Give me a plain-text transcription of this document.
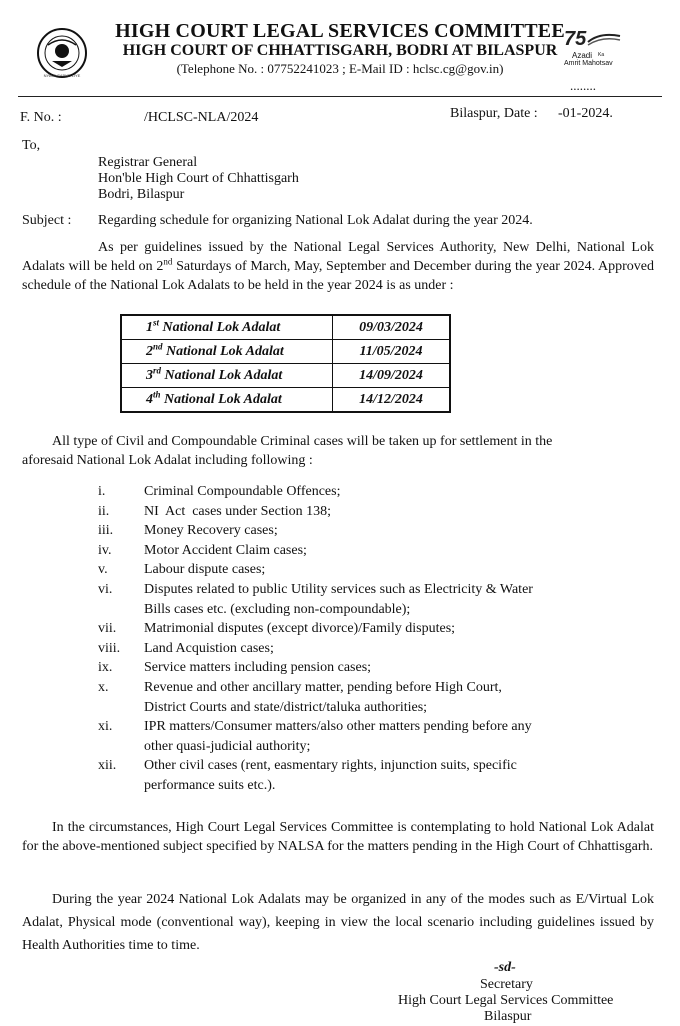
NYAYA SABKE LIYE
HIGH COURT LEGAL SERVICES COMMITTEE
HIGH COURT OF CHHATTISGARH, BODRI AT BILASPUR
(Telephone No. : 07752241023 ; E-Mail ID : hclsc.cg@gov.in)
75
Azadi Ka
Amrit Mahotsav
........
F. No. :	/HCLSC-NLA/2024	Bilaspur, Date : -01-2024.
To,
Registrar General
Hon'ble High Court of Chhattisgarh
Bodri, Bilaspur
Subject : Regarding schedule for organizing National Lok Adalat during the year 2024.
As per guidelines issued by the National Legal Services Authority, New Delhi, National Lok Adalats will be held on 2nd Saturdays of March, May, September and December during the year 2024. Approved schedule of the National Lok Adalats to be held in the year 2024 is as under :
1st National Lok Adalat	09/03/2024
2nd National Lok Adalat	11/05/2024
3rd National Lok Adalat	14/09/2024
4th National Lok Adalat	14/12/2024
All type of Civil and Compoundable Criminal cases will be taken up for settlement in the
aforesaid National Lok Adalat including following :
i.	Criminal Compoundable Offences;
ii. NI  Act  cases under Section 138;
iii. Money Recovery cases;
iv. Motor Accident Claim cases;
v.	Labour dispute cases;
vi. Disputes related to public Utility services such as Electricity & Water
Bills cases etc. (excluding non-compoundable);
vii. Matrimonial disputes (except divorce)/Family disputes;
viii. Land Acquistion cases;
ix. Service matters including pension cases;
x.	Revenue and other ancillary matter, pending before High Court,
District Courts and state/district/taluka authorities;
xi. IPR matters/Consumer matters/also other matters pending before any
other quasi-judicial authority;
xii. Other civil cases (rent, easmentary rights, injunction suits, specific
performance suits etc.).
In the circumstances, High Court Legal Services Committee is contemplating to hold National Lok Adalat for the above-mentioned subject specified by NALSA for the matters pending in the High Court of Chhattisgarh.
During the year 2024 National Lok Adalats may be organized in any of the modes such as E/Virtual Lok Adalat, Physical mode (conventional way), keeping in view the local scenario including guidelines issued by Health Authorities time to time.
-sd-
Secretary
High Court Legal Services Committee
Bilaspur
